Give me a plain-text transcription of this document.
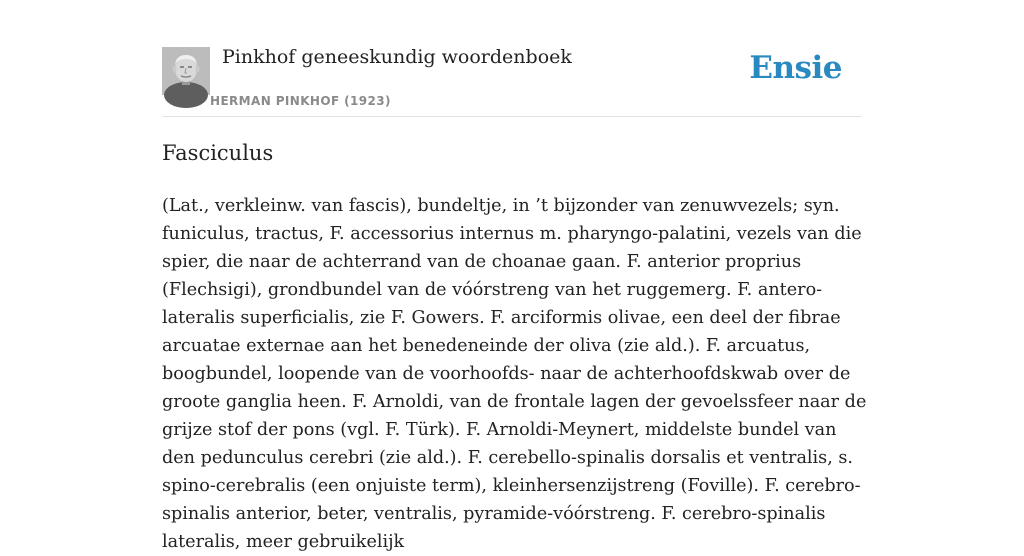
Pinkhof geneeskundig woordenboek
HERMAN PINKHOF (1923)
Ensie
Fasciculus

(Lat., verkleinw. van fascis), bundeltje, in ’t bijzonder van zenuwvezels; syn. funiculus, tractus, F. accessorius internus m. pharyngo-palatini, vezels van die spier, die naar de achterrand van de choanae gaan. F. anterior proprius (Flechsigi), grondbundel van de vóórstreng van het ruggemerg. F. antero-lateralis superficialis, zie F. Gowers. F. arciformis olivae, een deel der fibrae arcuatae externae aan het benedeneinde der oliva (zie ald.). F. arcuatus, boogbundel, loopende van de voorhoofds- naar de achterhoofdskwab over de groote ganglia heen. F. Arnoldi, van de frontale lagen der gevoelssfeer naar de grijze stof der pons (vgl. F. Türk). F. Arnoldi-Meynert, middelste bundel van den pedunculus cerebri (zie ald.). F. cerebello-spinalis dorsalis et ventralis, s. spino-cerebralis (een onjuiste term), kleinhersenzijstreng (Foville). F. cerebro-spinalis anterior, beter, ventralis, pyramide-vóórstreng. F. cerebro-spinalis lateralis, meer gebruikelijk
